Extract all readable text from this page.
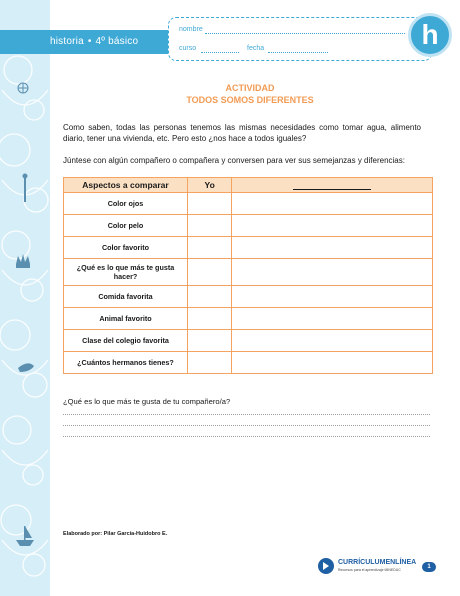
historia • 4º básico
nombre
curso	fecha	h
ACTIVIDAD
TODOS SOMOS DIFERENTES
Como saben, todas las personas tenemos las mismas necesidades como tomar agua, alimento diario, tener una vivienda, etc. Pero esto ¿nos hace a todos iguales?
Júntese con algún compañero o compañera y conversen para ver sus semejanzas y diferencias:
Aspectos a comparar	Yo	
Color ojos		
Color pelo		
Color favorito		
¿Qué es lo que más te gusta hacer?		
Comida favorita		
Animal favorito		
Clase del colegio favorita		
¿Cuántos hermanos tienes?		
¿Qué es lo que más te gusta de tu compañero/a?
Elaborado por: Pilar García-Huidobro E.
CURRÍCULUMENLÍNEA
Recursos para el aprendizaje MINEDUC	1
